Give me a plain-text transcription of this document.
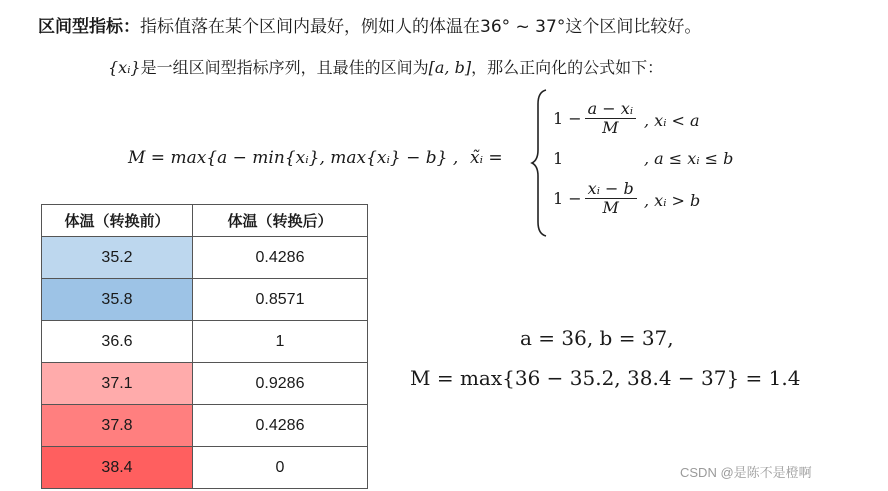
区间型指标：指标值落在某个区间内最好，例如人的体温在36° ~ 37°这个区间比较好。
{xᵢ}是一组区间型指标序列，且最佳的区间为[a, b]，那么正向化的公式如下：
M = max{a − min{xᵢ}, max{xᵢ} − b} , x̃ᵢ =
$1 - \frac{\text{a − xᵢ}}{M}$ , xᵢ < a
1	, a ≤ xᵢ ≤ b
$1 - \frac{\text{xᵢ − b}}{M}$ , xᵢ > b
体温（转换前）	体温（转换后）
35.2	0.4286
35.8	0.8571
36.6	1
37.1	0.9286
37.8	0.4286
38.4	0
a = 36, b = 37,
M = max{36 − 35.2, 38.4 − 37} = 1.4
CSDN @是陈不是橙啊
